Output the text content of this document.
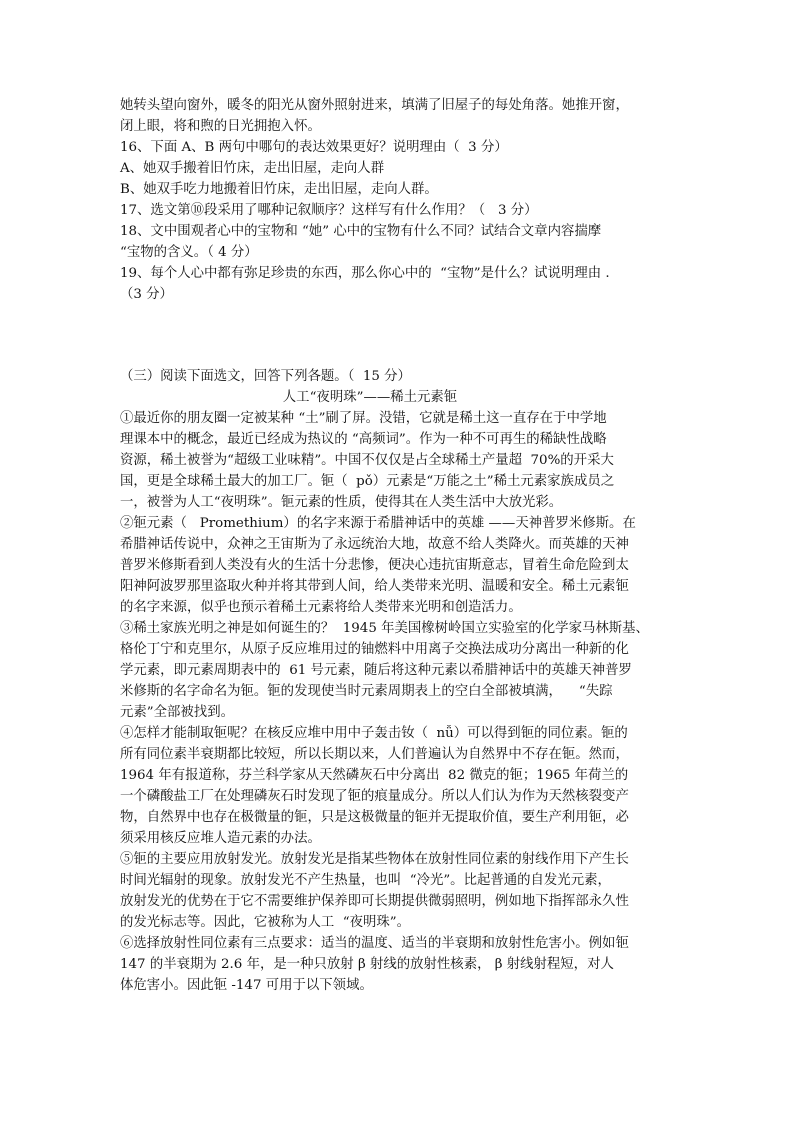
她转头望向窗外，暖冬的阳光从窗外照射进来，填满了旧屋子的每处角落。她推开窗，

闭上眼，将和煦的日光拥抱入怀。

16、下面 A、B 两句中哪句的表达效果更好？说明理由（  3 分）

A、她双手搬着旧竹床，走出旧屋，走向人群

B、她双手吃力地搬着旧竹床，走出旧屋，走向人群。

17、选文第⑩段采用了哪种记叙顺序？这样写有什么作用？（   3 分）

18、文中围观者心中的宝物和 “她” 心中的宝物有什么不同？试结合文章内容揣摩

“宝物的含义。（ 4 分）

19、每个人心中都有弥足珍贵的东西，那么你心中的  “宝物”是什么？试说明理由 .

（3 分）

（三）阅读下面选文，回答下列各题。（  15 分）

人工“夜明珠”——稀土元素钷

①最近你的朋友圈一定被某种 “土”刷了屏。没错，它就是稀土这一直存在于中学地

理课本中的概念，最近已经成为热议的 “高频词”。作为一种不可再生的稀缺性战略

资源，稀土被誉为“超级工业味精”。中国不仅仅是占全球稀土产量超  70%的开采大

国，更是全球稀土最大的加工厂。钷（  pǒ）元素是“万能之土”稀土元素家族成员之

一，被誉为人工“夜明珠”。钷元素的性质，使得其在人类生活中大放光彩。

②钷元素（   Promethium）的名字来源于希腊神话中的英雄 ——天神普罗米修斯。在

希腊神话传说中，众神之王宙斯为了永远统治大地，故意不给人类降火。而英雄的天神

普罗米修斯看到人类没有火的生活十分悲惨，便决心违抗宙斯意志，冒着生命危险到太

阳神阿波罗那里盗取火种并将其带到人间，给人类带来光明、温暖和安全。稀土元素钷

的名字来源，似乎也预示着稀土元素将给人类带来光明和创造活力。

③稀土家族光明之神是如何诞生的？  1945 年美国橡树岭国立实验室的化学家马林斯基、

格伦丁宁和克里尔，从原子反应堆用过的铀燃料中用离子交换法成功分离出一种新的化

学元素，即元素周期表中的  61 号元素，随后将这种元素以希腊神话中的英雄天神普罗

米修斯的名字命名为钷。钷的发现使当时元素周期表上的空白全部被填满，    “失踪

元素”全部被找到。

④怎样才能制取钷呢？在核反应堆中用中子轰击钕（  nǚ）可以得到钷的同位素。钷的

所有同位素半衰期都比较短，所以长期以来，人们普遍认为自然界中不存在钷。然而，

1964 年有报道称，芬兰科学家从天然磷灰石中分离出  82 微克的钷；1965 年荷兰的

一个磷酸盐工厂在处理磷灰石时发现了钷的痕量成分。所以人们认为作为天然核裂变产

物，自然界中也存在极微量的钷，只是这极微量的钷并无提取价值，要生产利用钷，必

须采用核反应堆人造元素的办法。

⑤钷的主要应用放射发光。放射发光是指某些物体在放射性同位素的射线作用下产生长

时间光辐射的现象。放射发光不产生热量，也叫  “冷光”。比起普通的自发光元素，

放射发光的优势在于它不需要维护保养即可长期提供微弱照明，例如地下指挥部永久性

的发光标志等。因此，它被称为人工  “夜明珠”。

⑥选择放射性同位素有三点要求：适当的温度、适当的半衰期和放射性危害小。例如钷

147 的半衰期为 2.6 年，是一种只放射 β 射线的放射性核素， β 射线射程短，对人

体危害小。因此钷 -147 可用于以下领域。
